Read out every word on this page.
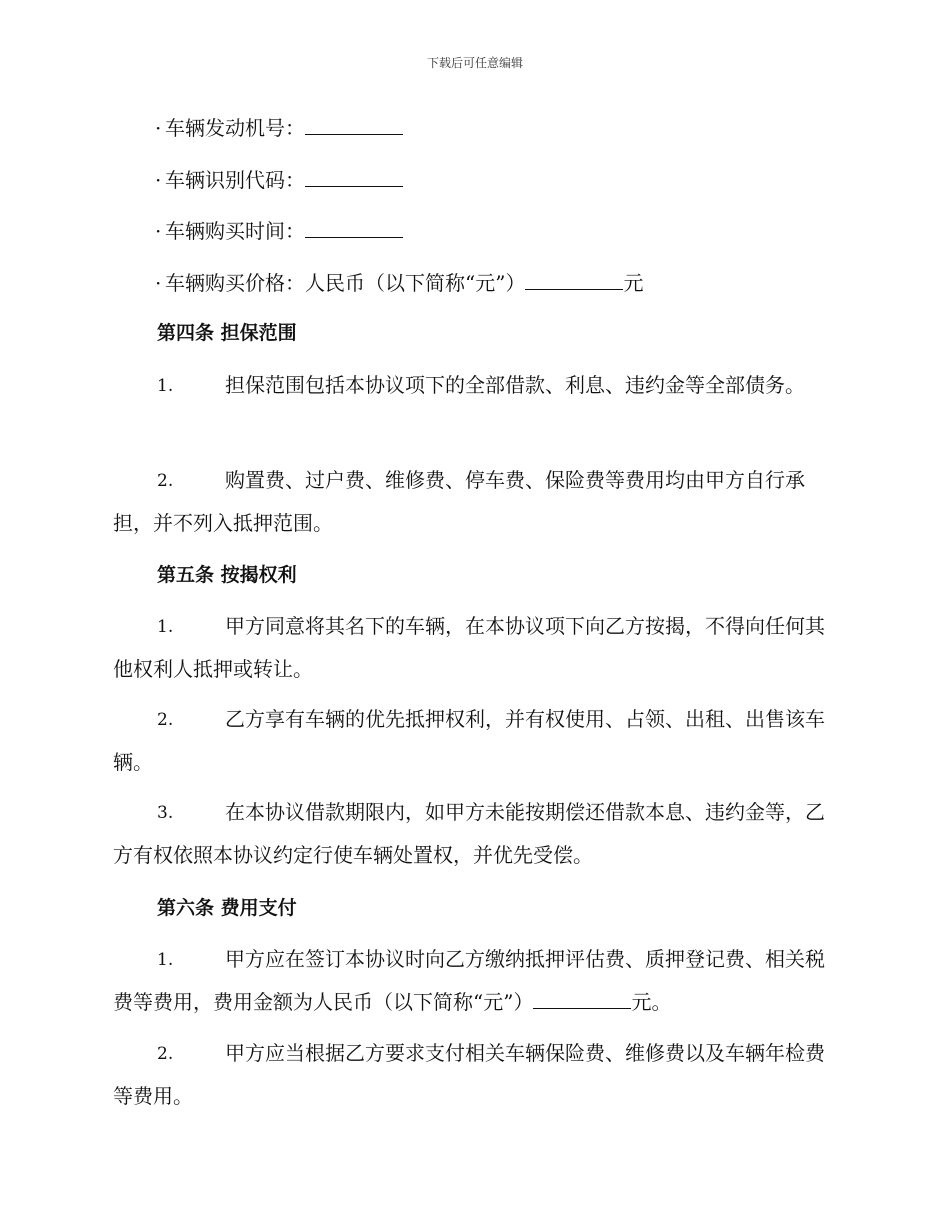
下载后可任意编辑
· 车辆发动机号：
· 车辆识别代码：
· 车辆购买时间：
· 车辆购买价格：人民币（以下简称“元”）	元
第四条 担保范围
1.	担保范围包括本协议项下的全部借款、利息、违约金等全部债务。
2.	购置费、过户费、维修费、停车费、保险费等费用均由甲方自行承担，并不列入抵押范围。
第五条 按揭权利
1.	甲方同意将其名下的车辆，在本协议项下向乙方按揭，不得向任何其他权利人抵押或转让。
2.	乙方享有车辆的优先抵押权利，并有权使用、占领、出租、出售该车辆。
3.	在本协议借款期限内，如甲方未能按期偿还借款本息、违约金等，乙方有权依照本协议约定行使车辆处置权，并优先受偿。
第六条 费用支付
1.	甲方应在签订本协议时向乙方缴纳抵押评估费、质押登记费、相关税费等费用，费用金额为人民币（以下简称“元”）	元。
2.	甲方应当根据乙方要求支付相关车辆保险费、维修费以及车辆年检费等费用。
